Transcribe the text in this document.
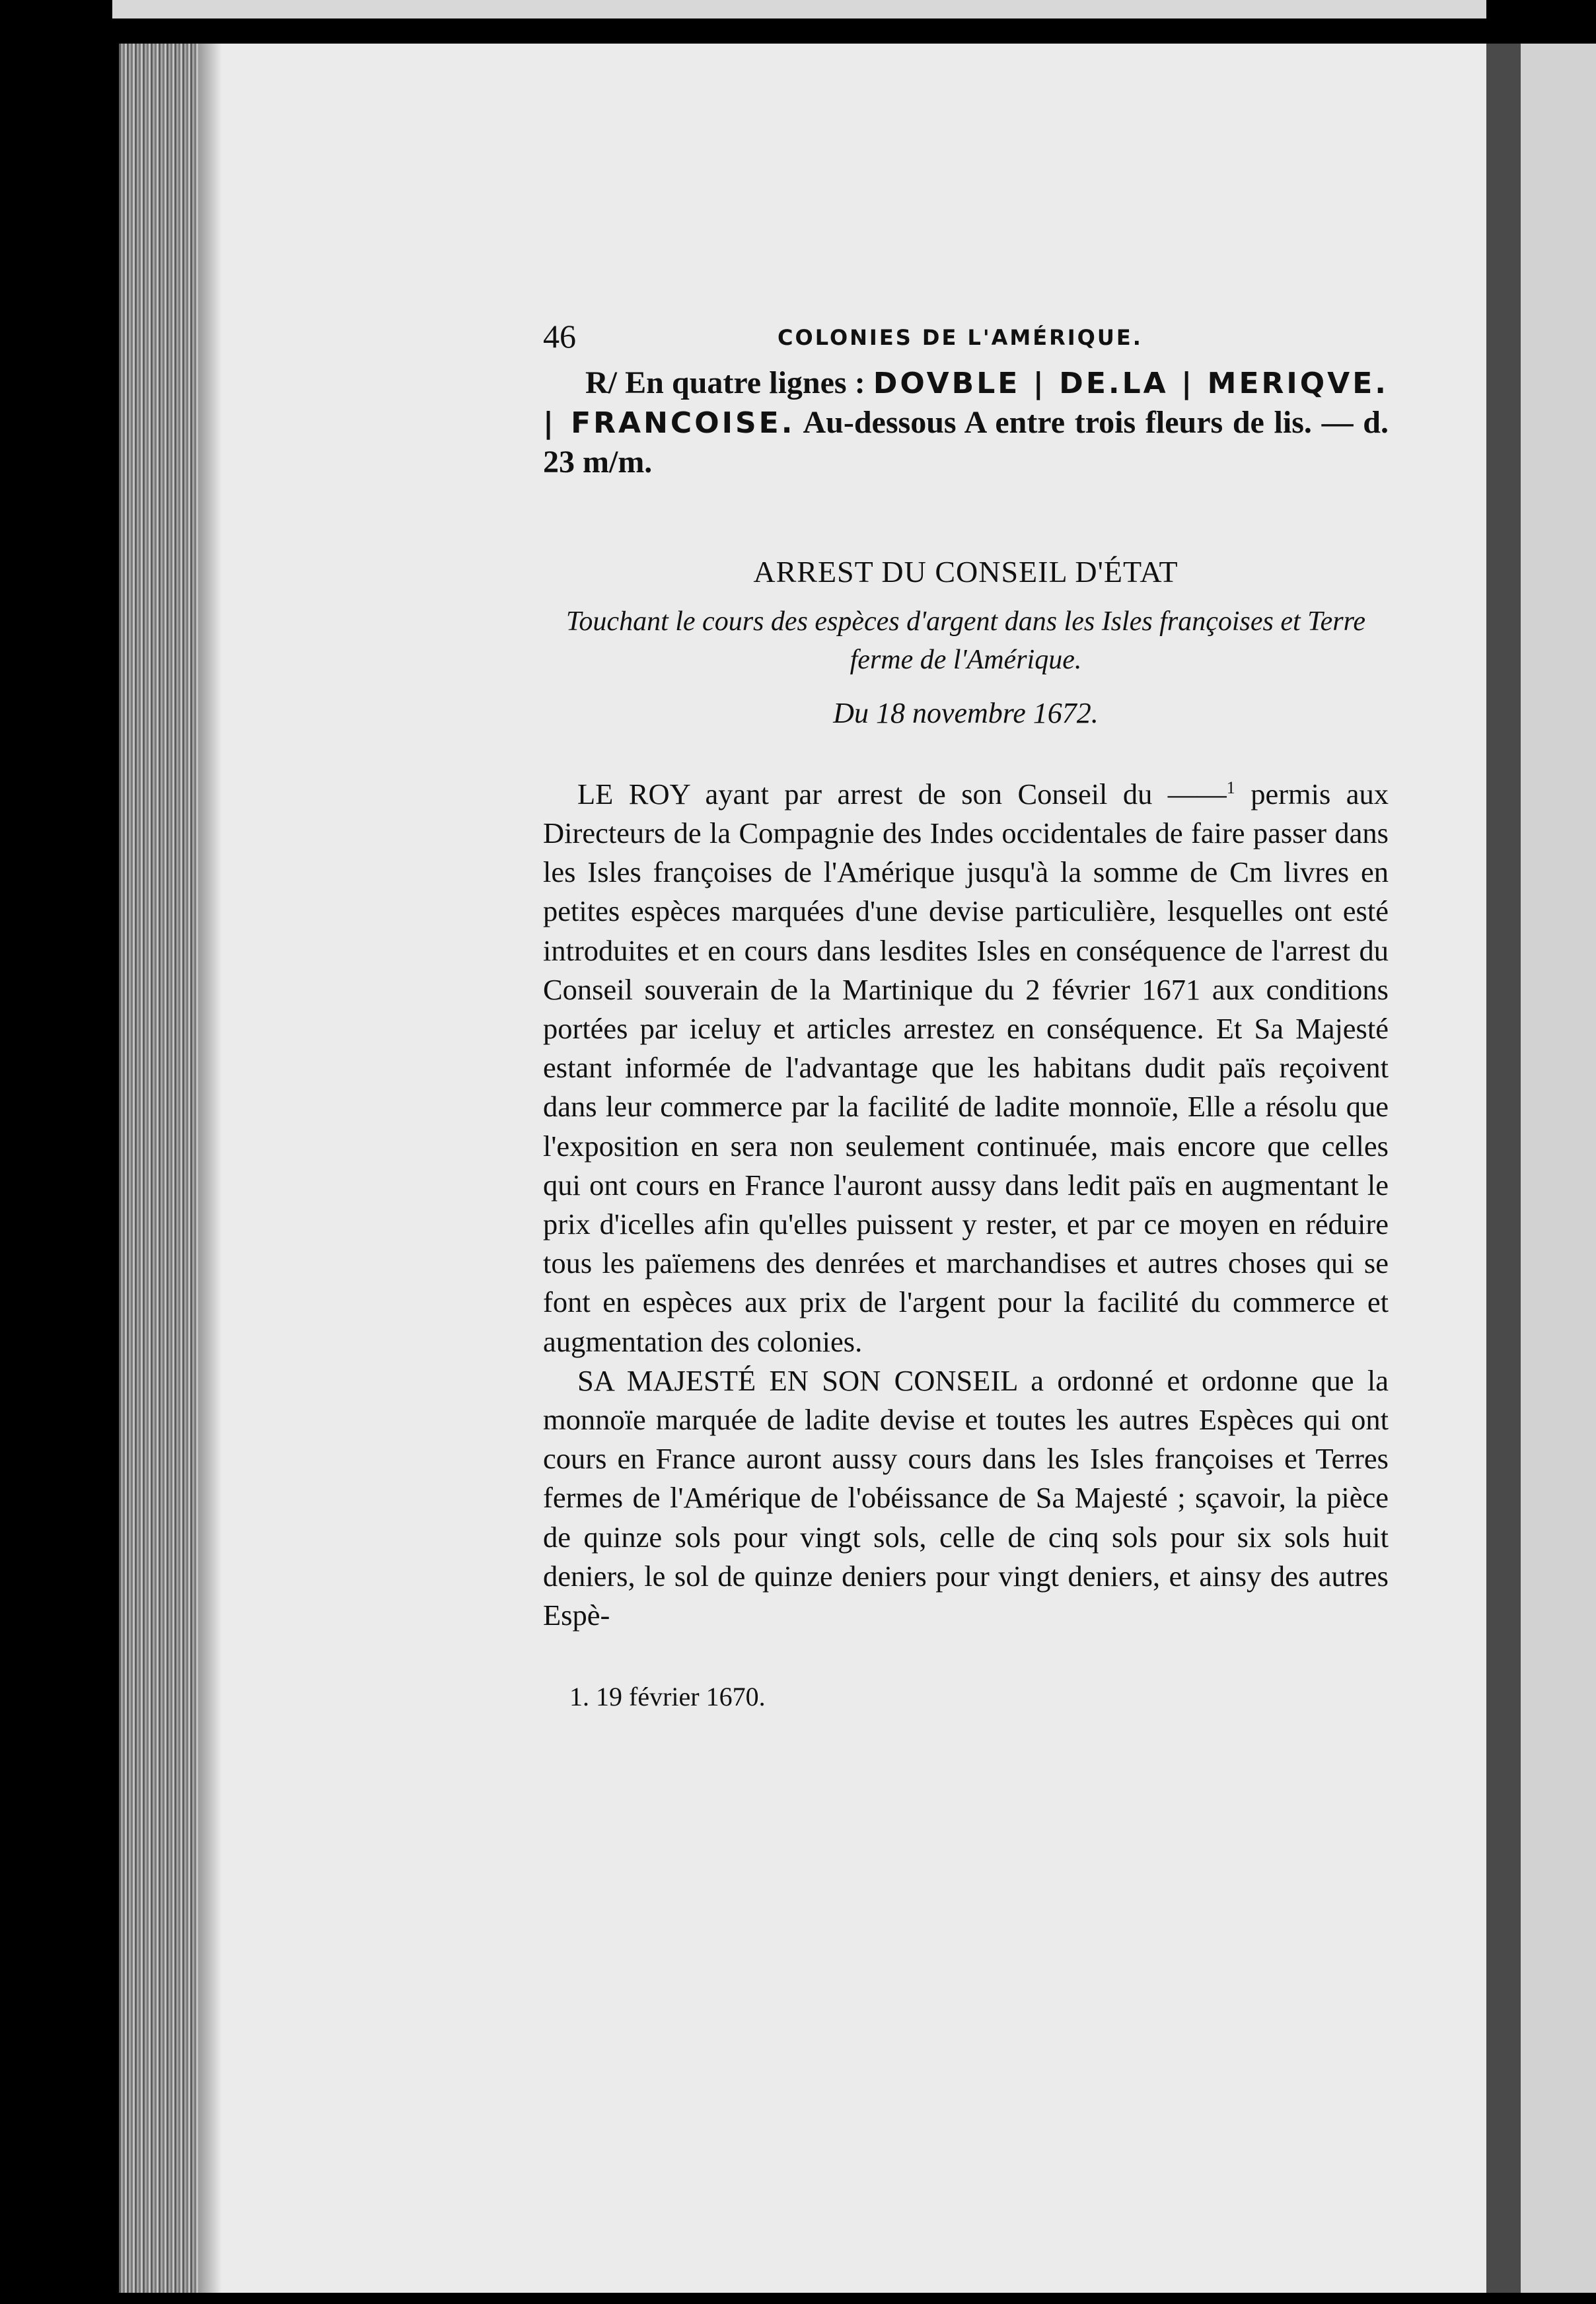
46	COLONIES DE L'AMÉRIQUE.

R/ En quatre lignes : DOVBLE | DE.LA | MERIQVE. | FRANCOISE. Au-dessous A entre trois fleurs de lis. — d. 23 m/m.

ARREST DU CONSEIL D'ÉTAT
Touchant le cours des espèces d'argent dans les Isles françoises et Terre ferme de l'Amérique.
Du 18 novembre 1672.

LE ROY ayant par arrest de son Conseil du ——$^1$ permis aux Directeurs de la Compagnie des Indes occidentales de faire passer dans les Isles françoises de l'Amérique jusqu'à la somme de Cm livres en petites espèces marquées d'une devise particulière, lesquelles ont esté introduites et en cours dans lesdites Isles en conséquence de l'arrest du Conseil souverain de la Martinique du 2 février 1671 aux conditions portées par iceluy et articles arrestez en conséquence. Et Sa Majesté estant informée de l'advantage que les habitans dudit païs reçoivent dans leur commerce par la facilité de ladite monnoïe, Elle a résolu que l'exposition en sera non seulement continuée, mais encore que celles qui ont cours en France l'auront aussy dans ledit païs en augmentant le prix d'icelles afin qu'elles puissent y rester, et par ce moyen en réduire tous les païemens des denrées et marchandises et autres choses qui se font en espèces aux prix de l'argent pour la facilité du commerce et augmentation des colonies.

SA MAJESTÉ EN SON CONSEIL a ordonné et ordonne que la monnoïe marquée de ladite devise et toutes les autres Espèces qui ont cours en France auront aussy cours dans les Isles françoises et Terres fermes de l'Amérique de l'obéissance de Sa Majesté ; sçavoir, la pièce de quinze sols pour vingt sols, celle de cinq sols pour six sols huit deniers, le sol de quinze deniers pour vingt deniers, et ainsy des autres Espè-

1. 19 février 1670.
